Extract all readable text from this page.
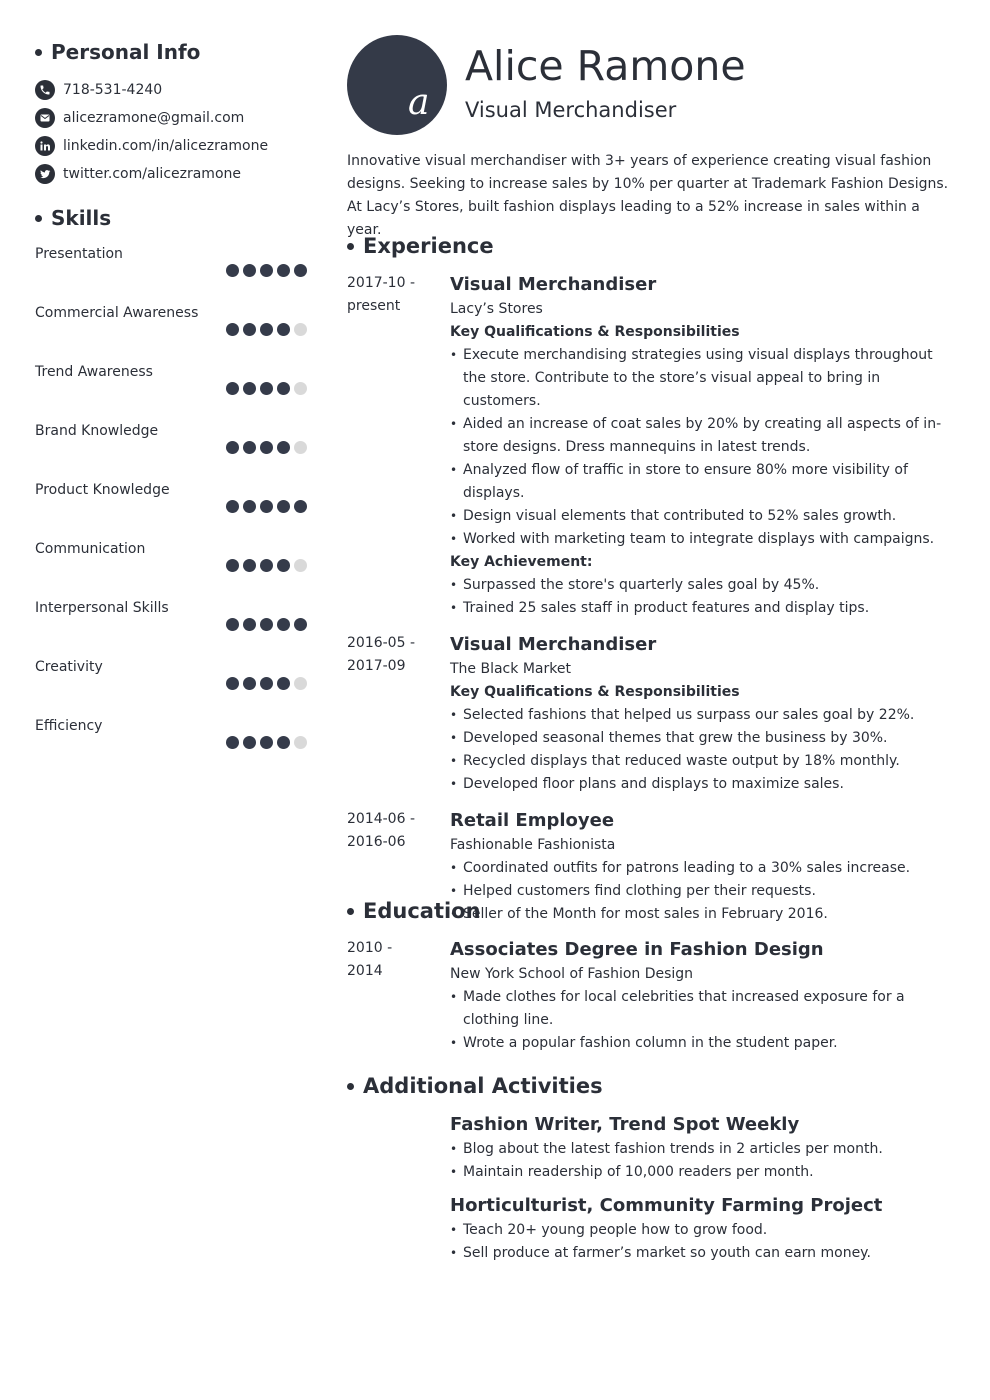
Personal Info
718-531-4240
alicezramone@gmail.com
linkedin.com/in/alicezramone
twitter.com/alicezramone
Skills
Presentation
Commercial Awareness
Trend Awareness
Brand Knowledge
Product Knowledge
Communication
Interpersonal Skills
Creativity
Efficiency
a
Alice Ramone
Visual Merchandiser

Innovative visual merchandiser with 3+ years of experience creating visual fashion designs. Seeking to increase sales by 10% per quarter at Trademark Fashion Designs. At Lacy’s Stores, built fashion displays leading to a 52% increase in sales within a year.

Experience
2017-10 -
present
Visual Merchandiser
Lacy’s Stores
Key Qualifications & Responsibilities
• Execute merchandising strategies using visual displays throughout the store. Contribute to the store’s visual appeal to bring in customers.
• Aided an increase of coat sales by 20% by creating all aspects of in-store designs. Dress mannequins in latest trends.
• Analyzed flow of traffic in store to ensure 80% more visibility of displays.
• Design visual elements that contributed to 52% sales growth.
• Worked with marketing team to integrate displays with campaigns.
Key Achievement:
• Surpassed the store's quarterly sales goal by 45%.
• Trained 25 sales staff in product features and display tips.
2016-05 -
2017-09
Visual Merchandiser
The Black Market
Key Qualifications & Responsibilities
• Selected fashions that helped us surpass our sales goal by 22%.
• Developed seasonal themes that grew the business by 30%.
• Recycled displays that reduced waste output by 18% monthly.
• Developed floor plans and displays to maximize sales.
2014-06 -
2016-06
Retail Employee
Fashionable Fashionista
• Coordinated outfits for patrons leading to a 30% sales increase.
• Helped customers find clothing per their requests.
• Seller of the Month for most sales in February 2016.
Education
2010 -
2014
Associates Degree in Fashion Design
New York School of Fashion Design
• Made clothes for local celebrities that increased exposure for a clothing line.
• Wrote a popular fashion column in the student paper.
Additional Activities
Fashion Writer, Trend Spot Weekly
• Blog about the latest fashion trends in 2 articles per month.
• Maintain readership of 10,000 readers per month.
Horticulturist, Community Farming Project
• Teach 20+ young people how to grow food.
• Sell produce at farmer’s market so youth can earn money.
